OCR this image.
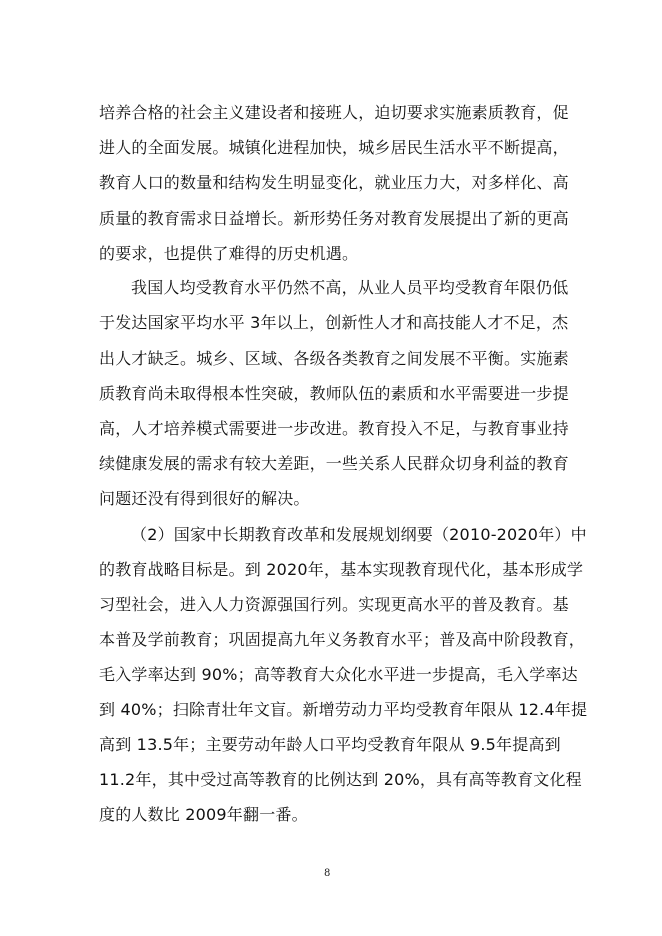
培养合格的社会主义建设者和接班人，迫切要求实施素质教育，促
进人的全面发展。城镇化进程加快，城乡居民生活水平不断提高，
教育人口的数量和结构发生明显变化，就业压力大，对多样化、高
质量的教育需求日益增长。新形势任务对教育发展提出了新的更高
的要求，也提供了难得的历史机遇。
我国人均受教育水平仍然不高，从业人员平均受教育年限仍低
于发达国家平均水平 3年以上，创新性人才和高技能人才不足，杰
出人才缺乏。城乡、区域、各级各类教育之间发展不平衡。实施素
质教育尚未取得根本性突破，教师队伍的素质和水平需要进一步提
高，人才培养模式需要进一步改进。教育投入不足，与教育事业持
续健康发展的需求有较大差距，一些关系人民群众切身利益的教育
问题还没有得到很好的解决。
（2）国家中长期教育改革和发展规划纲要（2010-2020年）中
的教育战略目标是。到 2020年，基本实现教育现代化，基本形成学
习型社会，进入人力资源强国行列。实现更高水平的普及教育。基
本普及学前教育；巩固提高九年义务教育水平；普及高中阶段教育，
毛入学率达到 90%；高等教育大众化水平进一步提高，毛入学率达
到 40%；扫除青壮年文盲。新增劳动力平均受教育年限从 12.4年提
高到 13.5年；主要劳动年龄人口平均受教育年限从 9.5年提高到
11.2年，其中受过高等教育的比例达到 20%，具有高等教育文化程
度的人数比 2009年翻一番。
8
